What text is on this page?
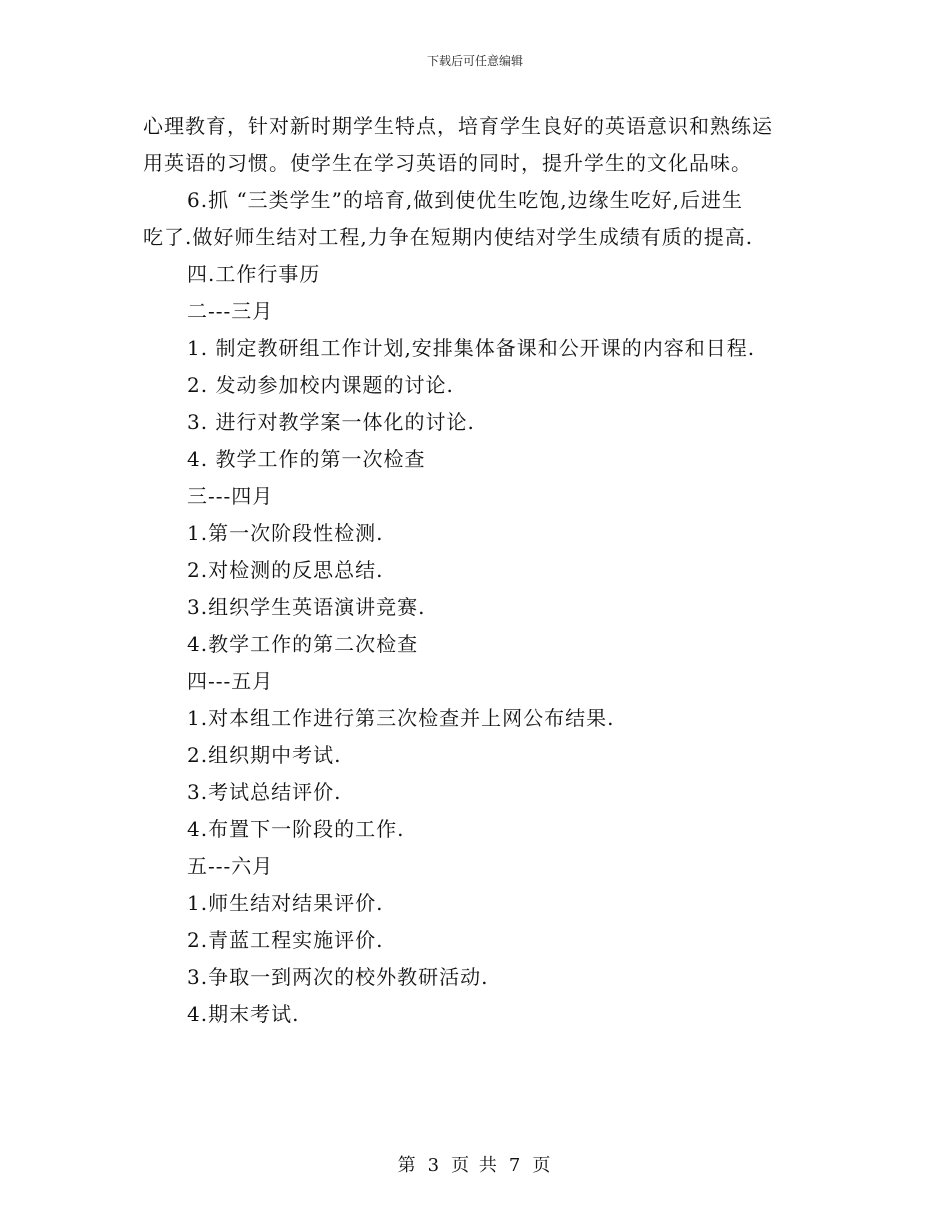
下载后可任意编辑
心理教育，针对新时期学生特点，培育学生良好的英语意识和熟练运
用英语的习惯。使学生在学习英语的同时，提升学生的文化品味。
6.抓 “三类学生”的培育,做到使优生吃饱,边缘生吃好,后进生
吃了.做好师生结对工程,力争在短期内使结对学生成绩有质的提高.
四.工作行事历
二---三月
1. 制定教研组工作计划,安排集体备课和公开课的内容和日程.
2. 发动参加校内课题的讨论.
3. 进行对教学案一体化的讨论.
4. 教学工作的第一次检查
三---四月
1.第一次阶段性检测.
2.对检测的反思总结.
3.组织学生英语演讲竞赛.
4.教学工作的第二次检查
四---五月
1.对本组工作进行第三次检查并上网公布结果.
2.组织期中考试.
3.考试总结评价.
4.布置下一阶段的工作.
五---六月
1.师生结对结果评价.
2.青蓝工程实施评价.
3.争取一到两次的校外教研活动.
4.期末考试.
第 3 页 共 7 页
